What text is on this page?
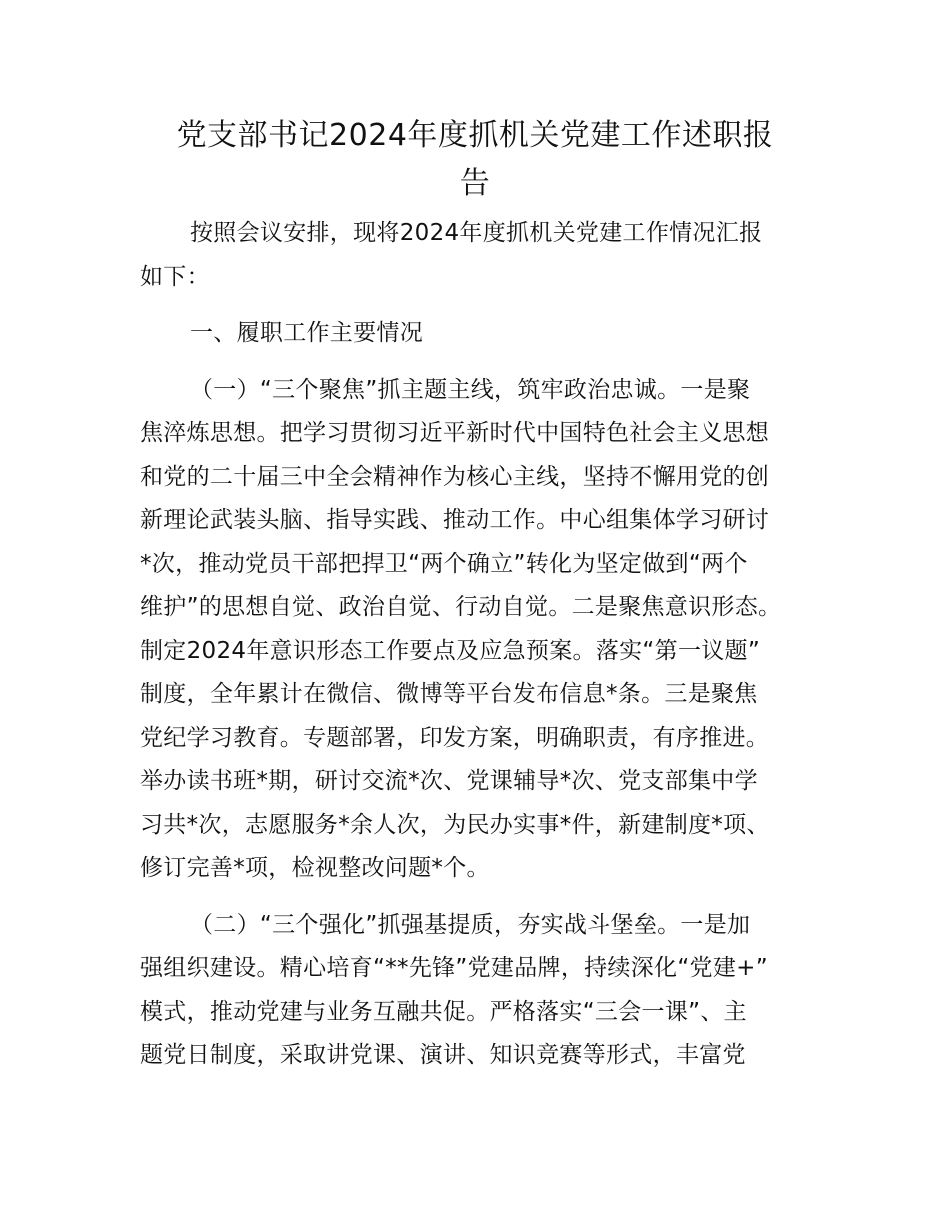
党支部书记2024年度抓机关党建工作述职报
告
按照会议安排，现将2024年度抓机关党建工作情况汇报
如下：
一、履职工作主要情况
（一）“三个聚焦”抓主题主线，筑牢政治忠诚。一是聚
焦淬炼思想。把学习贯彻习近平新时代中国特色社会主义思想
和党的二十届三中全会精神作为核心主线，坚持不懈用党的创
新理论武装头脑、指导实践、推动工作。中心组集体学习研讨
*次，推动党员干部把捍卫“两个确立”转化为坚定做到“两个
维护”的思想自觉、政治自觉、行动自觉。二是聚焦意识形态。
制定2024年意识形态工作要点及应急预案。落实“第一议题”
制度，全年累计在微信、微博等平台发布信息*条。三是聚焦
党纪学习教育。专题部署，印发方案，明确职责，有序推进。
举办读书班*期，研讨交流*次、党课辅导*次、党支部集中学
习共*次，志愿服务*余人次，为民办实事*件，新建制度*项、
修订完善*项，检视整改问题*个。
（二）“三个强化”抓强基提质，夯实战斗堡垒。一是加
强组织建设。精心培育“**先锋”党建品牌，持续深化“党建+”
模式，推动党建与业务互融共促。严格落实“三会一课”、主
题党日制度，采取讲党课、演讲、知识竞赛等形式，丰富党
